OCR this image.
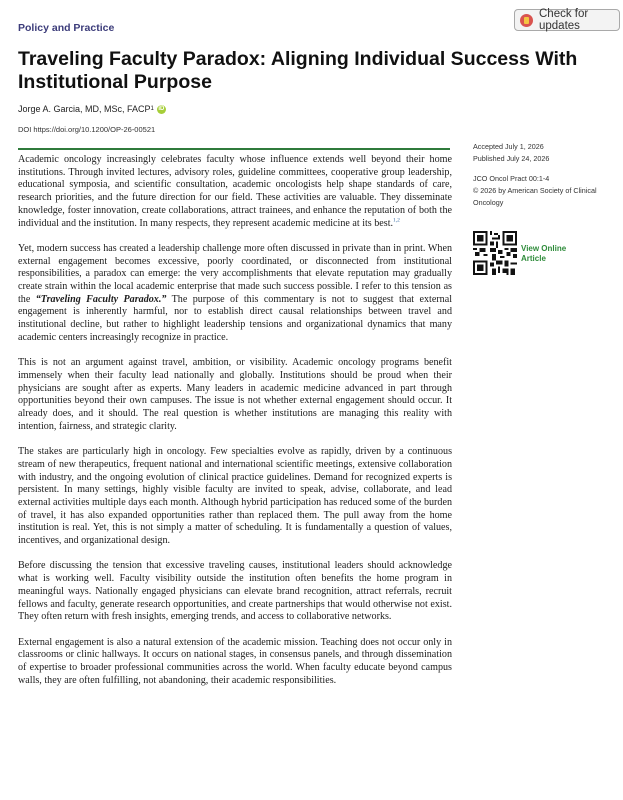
Policy and Practice
Check for updates
Traveling Faculty Paradox: Aligning Individual Success With Institutional Purpose
Jorge A. Garcia, MD, MSc, FACP 1 iD
DOI https://doi.org/10.1200/OP-26-00521
Accepted July 1, 2026
Published July 24, 2026
JCO Oncol Pract 00:1-4
© 2026 by American Society of Clinical Oncology
View Online Article

Academic oncology increasingly celebrates faculty whose influence extends well beyond their home institutions. Through invited lectures, advisory roles, guideline committees, cooperative group leadership, educational symposia, and scientific consultation, academic oncologists help shape standards of care, research priorities, and the future direction for our field. These activities are valuable. They disseminate knowledge, foster innovation, create collaborations, attract trainees, and enhance the reputation of both the individual and the institution. In many respects, they represent academic medicine at its best.$^{1,2}$

Yet, modern success has created a leadership challenge more often discussed in private than in print. When external engagement becomes excessive, poorly coordinated, or disconnected from institutional responsibilities, a paradox can emerge: the very accomplishments that elevate reputation may gradually create strain within the local academic enterprise that made such success possible. I refer to this tension as the “Traveling Faculty Paradox.” The purpose of this commentary is not to suggest that external engagement is inherently harmful, nor to establish direct causal relationships between travel and institutional decline, but rather to highlight leadership tensions and organizational dynamics that many academic centers increasingly recognize in practice.

This is not an argument against travel, ambition, or visibility. Academic oncology programs benefit immensely when their faculty lead nationally and globally. Institutions should be proud when their physicians are sought after as experts. Many leaders in academic medicine advanced in part through opportunities beyond their own campuses. The issue is not whether external engagement should occur. It already does, and it should. The real question is whether institutions are managing this reality with intention, fairness, and strategic clarity.

The stakes are particularly high in oncology. Few specialties evolve as rapidly, driven by a continuous stream of new therapeutics, frequent national and international scientific meetings, extensive collaboration with industry, and the ongoing evolution of clinical practice guidelines. Demand for recognized experts is persistent. In many settings, highly visible faculty are invited to speak, advise, collaborate, and lead external activities multiple days each month. Although hybrid participation has reduced some of the burden of travel, it has also expanded opportunities rather than replaced them. The pull away from the home institution is real. Yet, this is not simply a matter of scheduling. It is fundamentally a question of values, incentives, and organizational design.

Before discussing the tension that excessive traveling causes, institutional leaders should acknowledge what is working well. Faculty visibility outside the institution often benefits the home program in meaningful ways. Nationally engaged physicians can elevate brand recognition, attract referrals, recruit fellows and faculty, generate research opportunities, and create partnerships that would otherwise not exist. They often return with fresh insights, emerging trends, and access to collaborative networks.

External engagement is also a natural extension of the academic mission. Teaching does not occur only in classrooms or clinic hallways. It occurs on national stages, in consensus panels, and through dissemination of expertise to broader professional communities across the world. When faculty educate beyond campus walls, they are often fulfilling, not abandoning, their academic responsibilities.
